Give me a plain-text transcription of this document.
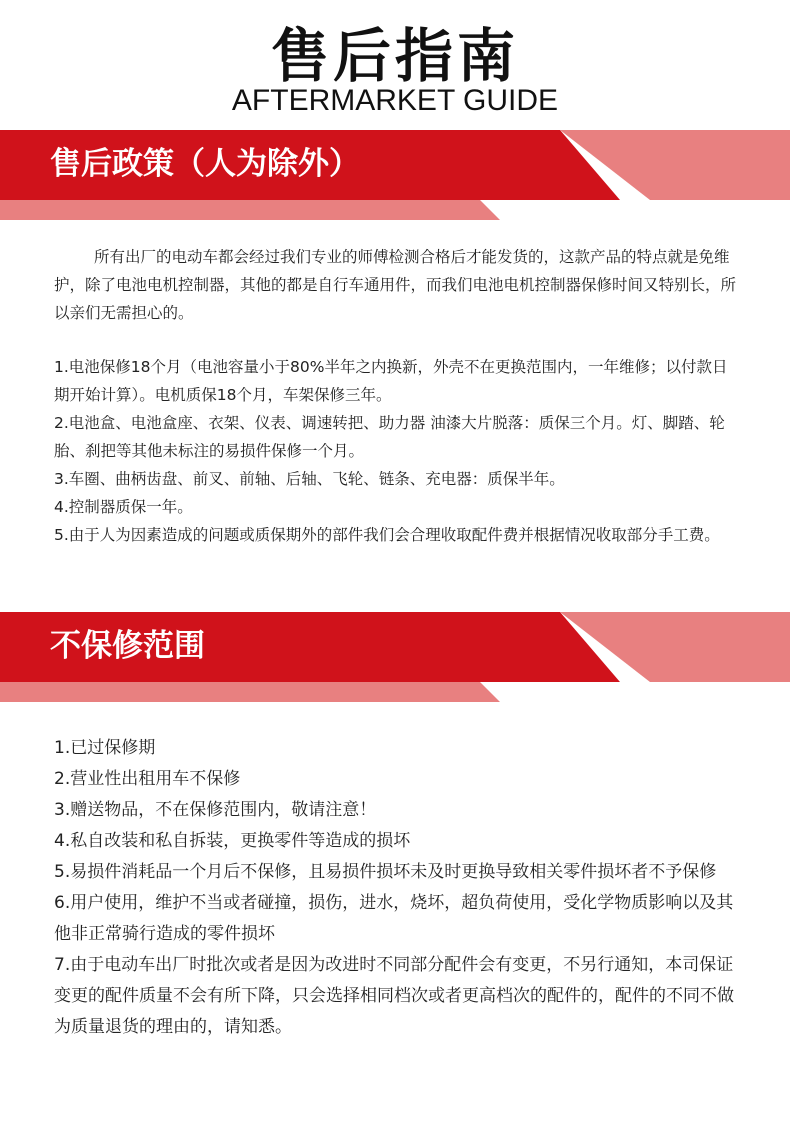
售后指南
AFTERMARKET GUIDE
售后政策（人为除外）
所有出厂的电动车都会经过我们专业的师傅检测合格后才能发货的，这款产品的特点就是免维护，除了电池电机控制器，其他的都是自行车通用件，而我们电池电机控制器保修时间又特别长，所以亲们无需担心的。

1.电池保修18个月（电池容量小于80%半年之内换新，外壳不在更换范围内，一年维修；以付款日期开始计算）。电机质保18个月，车架保修三年。

2.电池盒、电池盒座、衣架、仪表、调速转把、助力器 油漆大片脱落：质保三个月。灯、脚踏、轮胎、刹把等其他未标注的易损件保修一个月。

3.车圈、曲柄齿盘、前叉、前轴、后轴、飞轮、链条、充电器：质保半年。

4.控制器质保一年。

5.由于人为因素造成的问题或质保期外的部件我们会合理收取配件费并根据情况收取部分手工费。

不保修范围

1.已过保修期

2.营业性出租用车不保修

3.赠送物品，不在保修范围内，敬请注意！

4.私自改装和私自拆装，更换零件等造成的损坏

5.易损件消耗品一个月后不保修，且易损件损坏未及时更换导致相关零件损坏者不予保修

6.用户使用，维护不当或者碰撞，损伤，进水，烧坏，超负荷使用，受化学物质影响以及其他非正常骑行造成的零件损坏

7.由于电动车出厂时批次或者是因为改进时不同部分配件会有变更，不另行通知，本司保证变更的配件质量不会有所下降，只会选择相同档次或者更高档次的配件的，配件的不同不做为质量退货的理由的，请知悉。
